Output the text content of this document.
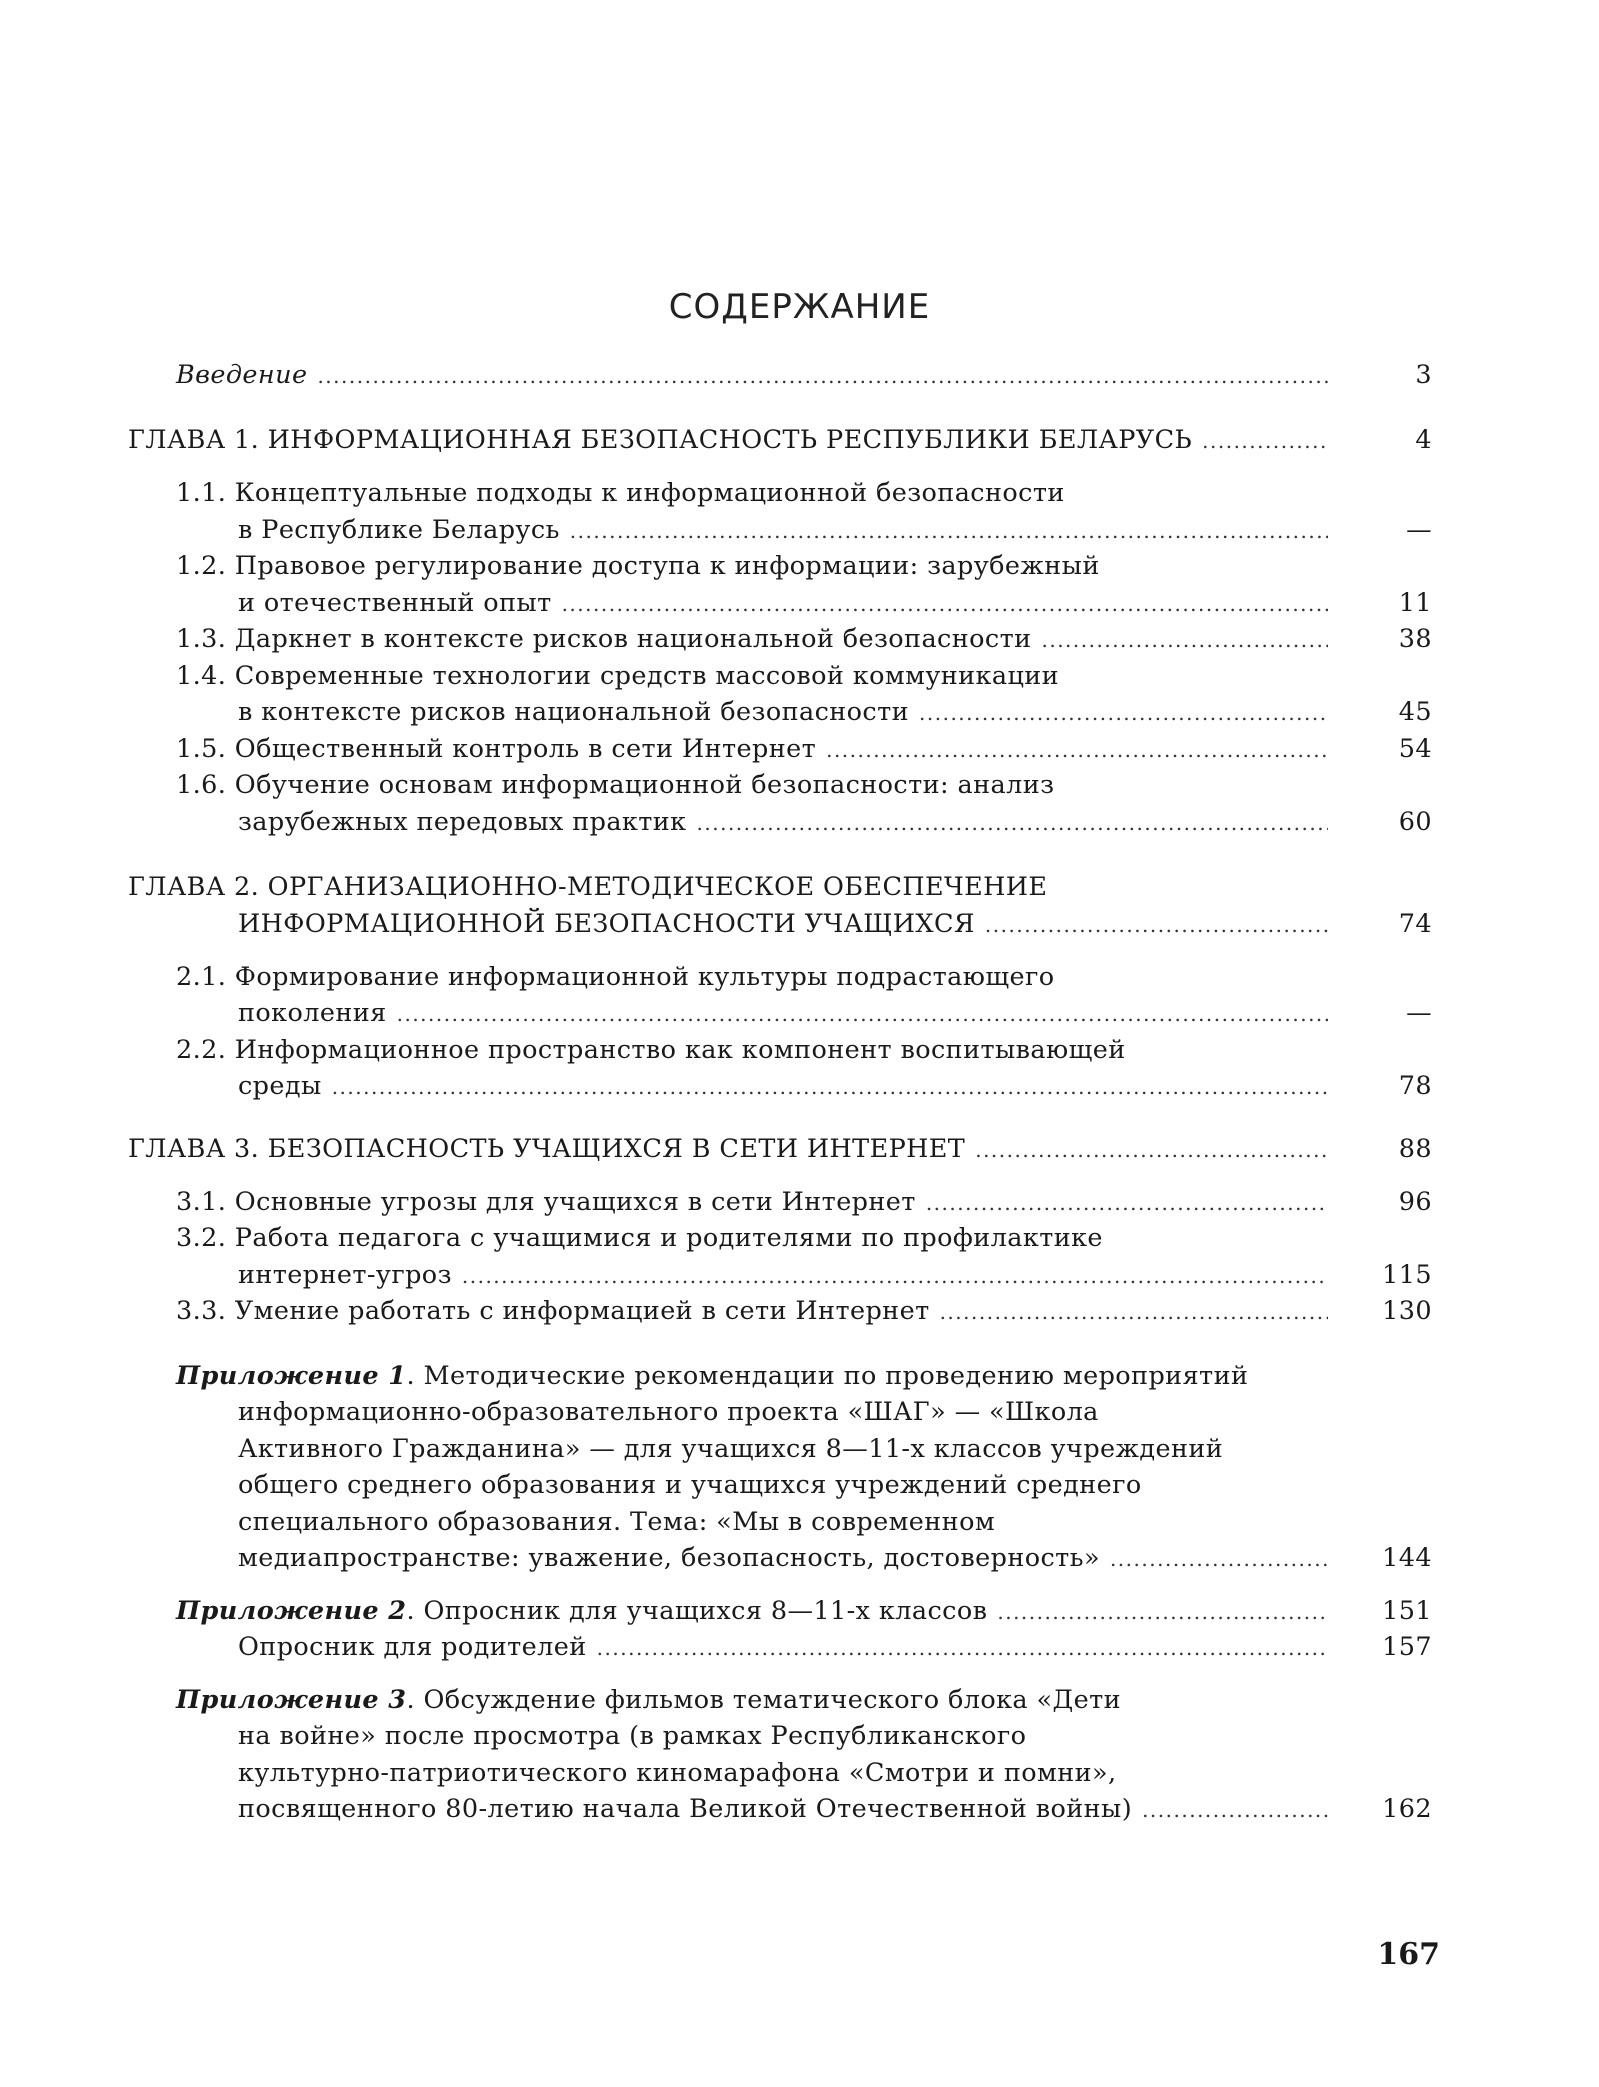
СОДЕРЖАНИЕ
Введение .....	3
ГЛАВА 1. ИНФОРМАЦИОННАЯ БЕЗОПАСНОСТЬ РЕСПУБЛИКИ БЕЛАРУСЬ .....	4
1.1. Концептуальные подходы к информационной безопасности
в Республике Беларусь .....	—
1.2. Правовое регулирование доступа к информации: зарубежный
и отечественный опыт .....	11
1.3. Даркнет в контексте рисков национальной безопасности .....	38
1.4. Современные технологии средств массовой коммуникации
в контексте рисков национальной безопасности .....	45
1.5. Общественный контроль в сети Интернет .....	54
1.6. Обучение основам информационной безопасности: анализ
зарубежных передовых практик .....	60
ГЛАВА 2. ОРГАНИЗАЦИОННО-МЕТОДИЧЕСКОЕ ОБЕСПЕЧЕНИЕ
ИНФОРМАЦИОННОЙ БЕЗОПАСНОСТИ УЧАЩИХСЯ .....	74
2.1. Формирование информационной культуры подрастающего
поколения .....	—
2.2. Информационное пространство как компонент воспитывающей
среды .....	78
ГЛАВА 3. БЕЗОПАСНОСТЬ УЧАЩИХСЯ В СЕТИ ИНТЕРНЕТ .....	88
3.1. Основные угрозы для учащихся в сети Интернет .....	96
3.2. Работа педагога с учащимися и родителями по профилактике
интернет-угроз .....	115
3.3. Умение работать с информацией в сети Интернет .....	130
Приложение 1. Методические рекомендации по проведению мероприятий
информационно-образовательного проекта «ШАГ» — «Школа
Активного Гражданина» — для учащихся 8—11-х классов учреждений
общего среднего образования и учащихся учреждений среднего
специального образования. Тема: «Мы в современном
медиапространстве: уважение, безопасность, достоверность» .....	144
Приложение 2. Опросник для учащихся 8—11-х классов .....	151
Опросник для родителей .....	157
Приложение 3. Обсуждение фильмов тематического блока «Дети
на войне» после просмотра (в рамках Республиканского
культурно-патриотического киномарафона «Смотри и помни»,
посвященного 80-летию начала Великой Отечественной войны) .....	162
167
